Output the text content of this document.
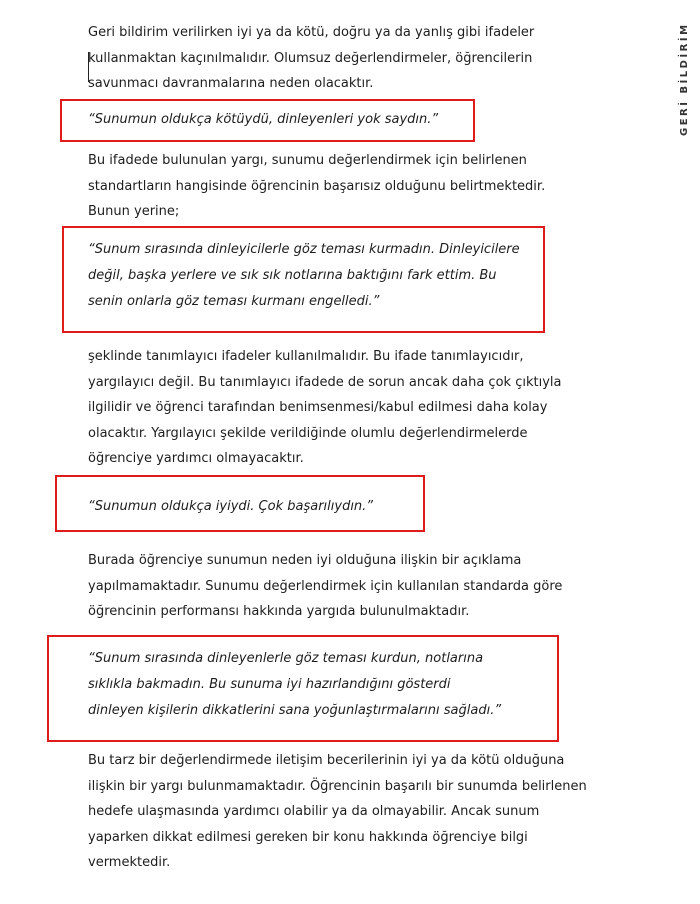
GERİ BİLDİRİM

Geri bildirim verilirken iyi ya da kötü, doğru ya da yanlış gibi ifadeler
kullanmaktan kaçınılmalıdır. Olumsuz değerlendirmeler, öğrencilerin
savunmacı davranmalarına neden olacaktır.

“Sunumun oldukça kötüydü, dinleyenleri yok saydın.”

Bu ifadede bulunulan yargı, sunumu değerlendirmek için belirlenen
standartların hangisinde öğrencinin başarısız olduğunu belirtmektedir.
Bunun yerine;

“Sunum sırasında dinleyicilerle göz teması kurmadın. Dinleyicilere
değil, başka yerlere ve sık sık notlarına baktığını fark ettim. Bu
senin onlarla göz teması kurmanı engelledi.”

şeklinde tanımlayıcı ifadeler kullanılmalıdır. Bu ifade tanımlayıcıdır,
yargılayıcı değil. Bu tanımlayıcı ifadede de sorun ancak daha çok çıktıyla
ilgilidir ve öğrenci tarafından benimsenmesi/kabul edilmesi daha kolay
olacaktır. Yargılayıcı şekilde verildiğinde olumlu değerlendirmelerde
öğrenciye yardımcı olmayacaktır.

“Sunumun oldukça iyiydi. Çok başarılıydın.”

Burada öğrenciye sunumun neden iyi olduğuna ilişkin bir açıklama
yapılmamaktadır. Sunumu değerlendirmek için kullanılan standarda göre
öğrencinin performansı hakkında yargıda bulunulmaktadır.

“Sunum sırasında dinleyenlerle göz teması kurdun, notlarına
sıklıkla bakmadın. Bu sunuma iyi hazırlandığını gösterdi
dinleyen kişilerin dikkatlerini sana yoğunlaştırmalarını sağladı.”

Bu tarz bir değerlendirmede iletişim becerilerinin iyi ya da kötü olduğuna
ilişkin bir yargı bulunmamaktadır. Öğrencinin başarılı bir sunumda belirlenen
hedefe ulaşmasında yardımcı olabilir ya da olmayabilir. Ancak sunum
yaparken dikkat edilmesi gereken bir konu hakkında öğrenciye bilgi
vermektedir.
